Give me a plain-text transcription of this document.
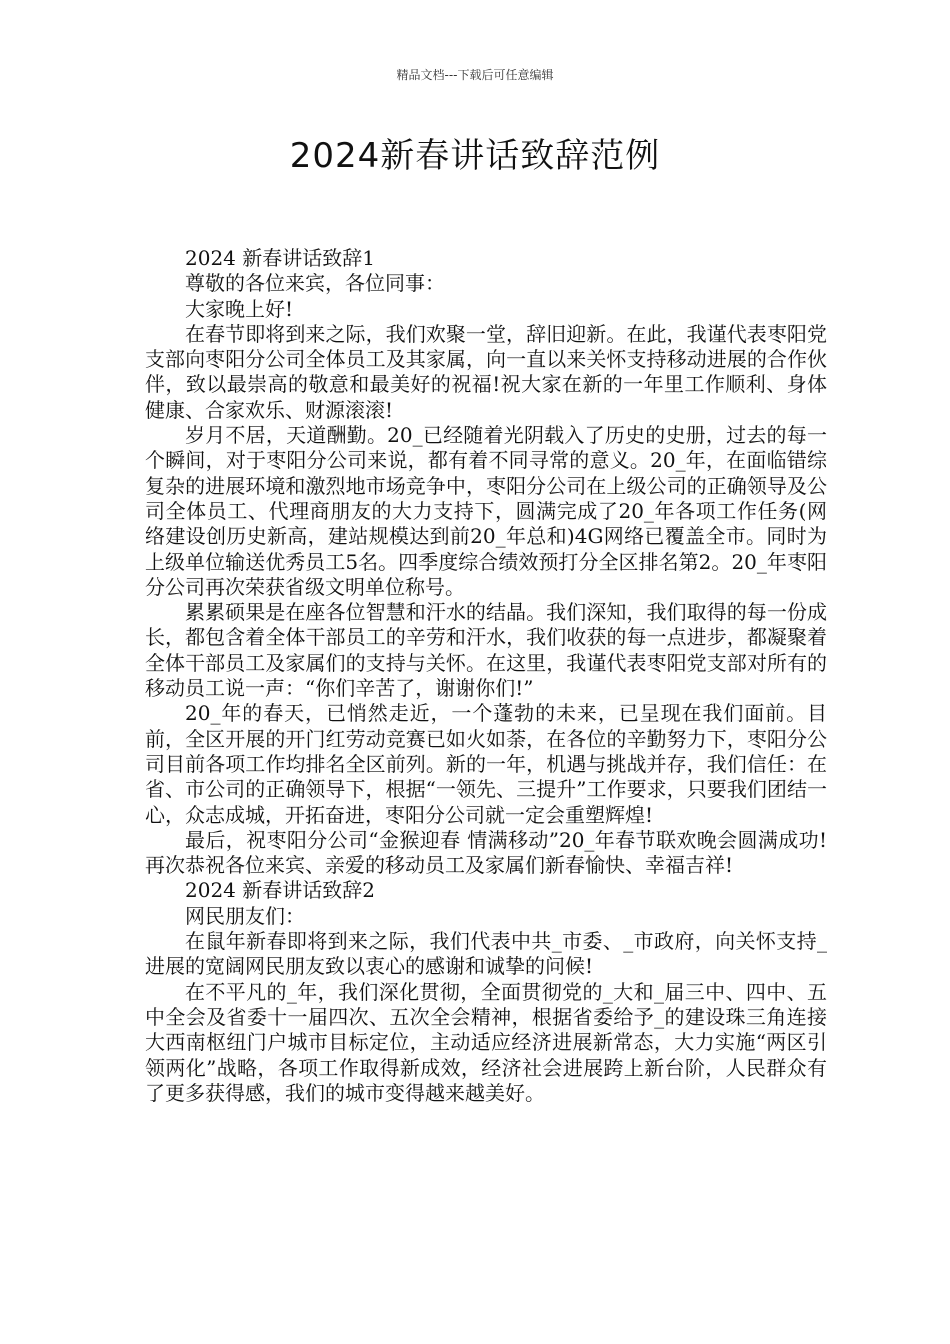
精品文档---下载后可任意编辑
2024新春讲话致辞范例

2024 新春讲话致辞1

尊敬的各位来宾，各位同事：

大家晚上好!

在春节即将到来之际，我们欢聚一堂，辞旧迎新。在此，我谨代表枣阳党支部向枣阳分公司全体员工及其家属，向一直以来关怀支持移动进展的合作伙伴，致以最崇高的敬意和最美好的祝福!祝大家在新的一年里工作顺利、身体健康、合家欢乐、财源滚滚!

岁月不居，天道酬勤。20_已经随着光阴载入了历史的史册，过去的每一个瞬间，对于枣阳分公司来说，都有着不同寻常的意义。20_年，在面临错综复杂的进展环境和激烈地市场竞争中，枣阳分公司在上级公司的正确领导及公司全体员工、代理商朋友的大力支持下，圆满完成了20_年各项工作任务(网络建设创历史新高，建站规模达到前20_年总和)4G网络已覆盖全市。同时为上级单位输送优秀员工5名。四季度综合绩效预打分全区排名第2。20_年枣阳分公司再次荣获省级文明单位称号。

累累硕果是在座各位智慧和汗水的结晶。我们深知，我们取得的每一份成长，都包含着全体干部员工的辛劳和汗水，我们收获的每一点进步，都凝聚着全体干部员工及家属们的支持与关怀。在这里，我谨代表枣阳党支部对所有的移动员工说一声：“你们辛苦了，谢谢你们!”

20_年的春天，已悄然走近，一个蓬勃的未来，已呈现在我们面前。目前，全区开展的开门红劳动竞赛已如火如荼，在各位的辛勤努力下，枣阳分公司目前各项工作均排名全区前列。新的一年，机遇与挑战并存，我们信任：在省、市公司的正确领导下，根据“一领先、三提升”工作要求，只要我们团结一心，众志成城，开拓奋进，枣阳分公司就一定会重塑辉煌!

最后，祝枣阳分公司“金猴迎春 情满移动”20_年春节联欢晚会圆满成功!再次恭祝各位来宾、亲爱的移动员工及家属们新春愉快、幸福吉祥!

2024 新春讲话致辞2

网民朋友们：

在鼠年新春即将到来之际，我们代表中共_市委、_市政府，向关怀支持_进展的宽阔网民朋友致以衷心的感谢和诚挚的问候!

在不平凡的_年，我们深化贯彻，全面贯彻党的_大和_届三中、四中、五中全会及省委十一届四次、五次全会精神，根据省委给予_的建设珠三角连接大西南枢纽门户城市目标定位，主动适应经济进展新常态，大力实施“两区引领两化”战略，各项工作取得新成效，经济社会进展跨上新台阶，人民群众有了更多获得感，我们的城市变得越来越美好。
